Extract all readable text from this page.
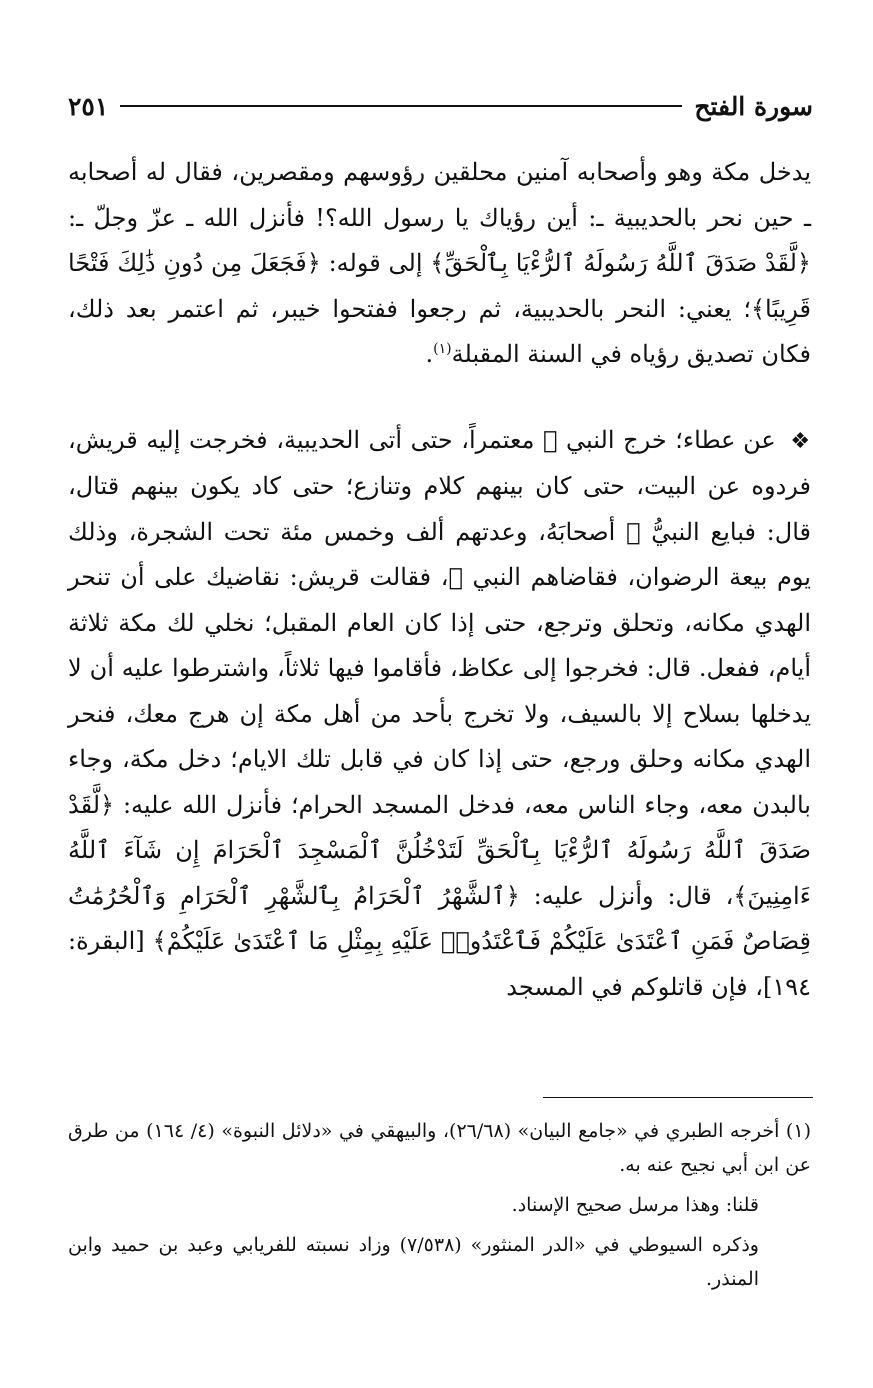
سورة الفتح
٢٥١

يدخل مكة وهو وأصحابه آمنين محلقين رؤوسهم ومقصرين، فقال له أصحابه ـ حين نحر بالحديبية ـ: أين رؤياك يا رسول الله؟! فأنزل الله ـ عزّ وجلّ ـ: ﴿لَّقَدْ صَدَقَ ٱللَّهُ رَسُولَهُ ٱلرُّءْيَا بِٱلْحَقِّ﴾ إلى قوله: ﴿فَجَعَلَ مِن دُونِ ذَٰلِكَ فَتْحًا قَرِيبًا﴾؛ يعني: النحر بالحديبية، ثم رجعوا ففتحوا خيبر، ثم اعتمر بعد ذلك، فكان تصديق رؤياه في السنة المقبلة$^{(١)}$.

❖ عن عطاء؛ خرج النبي ﷺ معتمراً، حتى أتى الحديبية، فخرجت إليه قريش، فردوه عن البيت، حتى كان بينهم كلام وتنازع؛ حتى كاد يكون بينهم قتال، قال: فبايع النبيُّ ﷺ أصحابَهُ، وعدتهم ألف وخمس مئة تحت الشجرة، وذلك يوم بيعة الرضوان، فقاضاهم النبي ﷺ، فقالت قريش: نقاضيك على أن تنحر الهدي مكانه، وتحلق وترجع، حتى إذا كان العام المقبل؛ نخلي لك مكة ثلاثة أيام، ففعل. قال: فخرجوا إلى عكاظ، فأقاموا فيها ثلاثاً، واشترطوا عليه أن لا يدخلها بسلاح إلا بالسيف، ولا تخرج بأحد من أهل مكة إن هرج معك، فنحر الهدي مكانه وحلق ورجع، حتى إذا كان في قابل تلك الايام؛ دخل مكة، وجاء بالبدن معه، وجاء الناس معه، فدخل المسجد الحرام؛ فأنزل الله عليه: ﴿لَّقَدْ صَدَقَ ٱللَّهُ رَسُولَهُ ٱلرُّءْيَا بِٱلْحَقِّ لَتَدْخُلُنَّ ٱلْمَسْجِدَ ٱلْحَرَامَ إِن شَآءَ ٱللَّهُ ءَامِنِينَ﴾، قال: وأنزل عليه: ﴿ٱلشَّهْرُ ٱلْحَرَامُ بِٱلشَّهْرِ ٱلْحَرَامِ وَٱلْحُرُمَٰتُ قِصَاصٌ فَمَنِ ٱعْتَدَىٰ عَلَيْكُمْ فَٱعْتَدُوا۟ عَلَيْهِ بِمِثْلِ مَا ٱعْتَدَىٰ عَلَيْكُمْ﴾ [البقرة: ١٩٤]، فإن قاتلوكم في المسجد

(١) أخرجه الطبري في «جامع البيان» (٢٦/٦٨)، والبيهقي في «دلائل النبوة» (٤/ ١٦٤) من طرق عن ابن أبي نجيح عنه به.

قلنا: وهذا مرسل صحيح الإسناد.

وذكره السيوطي في «الدر المنثور» (٧/٥٣٨) وزاد نسبته للفريابي وعبد بن حميد وابن المنذر.
